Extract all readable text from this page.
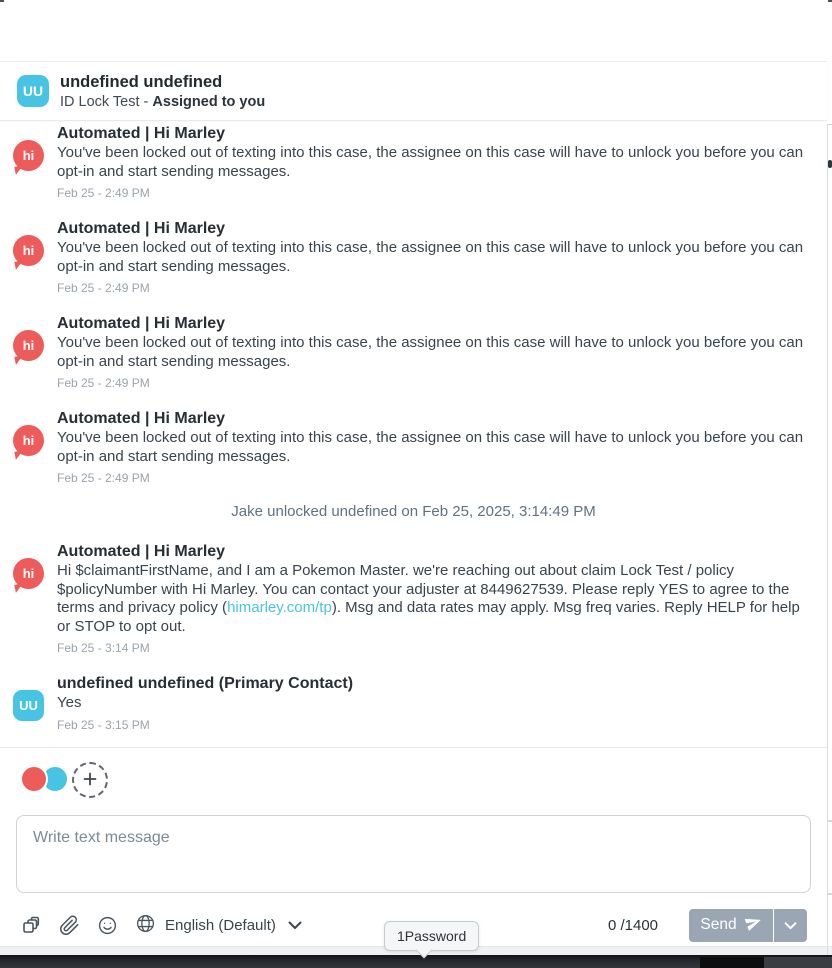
UU
undefined undefined
ID Lock Test - Assigned to you
hi
Automated | Hi Marley
You've been locked out of texting into this case, the assignee on this case will have to unlock you before you can opt-in and start sending messages.
Feb 25 - 2:49 PM
hi
Automated | Hi Marley
You've been locked out of texting into this case, the assignee on this case will have to unlock you before you can opt-in and start sending messages.
Feb 25 - 2:49 PM
hi
Automated | Hi Marley
You've been locked out of texting into this case, the assignee on this case will have to unlock you before you can opt-in and start sending messages.
Feb 25 - 2:49 PM
hi
Automated | Hi Marley
You've been locked out of texting into this case, the assignee on this case will have to unlock you before you can opt-in and start sending messages.
Feb 25 - 2:49 PM
Jake unlocked undefined on Feb 25, 2025, 3:14:49 PM
hi
Automated | Hi Marley
Hi $claimantFirstName, and I am a Pokemon Master. we're reaching out about claim Lock Test / policy $policyNumber with Hi Marley. You can contact your adjuster at 8449627539. Please reply YES to agree to the terms and privacy policy (himarley.com/tp). Msg and data rates may apply. Msg freq varies. Reply HELP for help or STOP to opt out.
Feb 25 - 3:14 PM
UU
undefined undefined (Primary Contact)
Yes
Feb 25 - 3:15 PM
Write text message
English (Default)	0 /1400	Send
1Password
